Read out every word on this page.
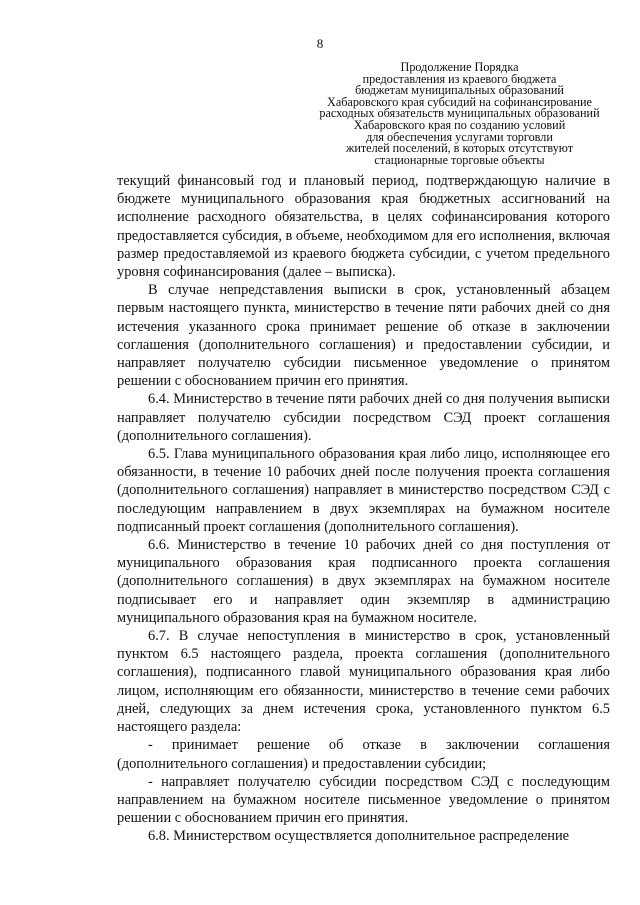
8
Продолжение Порядка
предоставления из краевого бюджета
бюджетам муниципальных образований
Хабаровского края субсидий на софинансирование
расходных обязательств муниципальных образований
Хабаровского края по созданию условий
для обеспечения услугами торговли
жителей поселений, в которых отсутствуют
стационарные торговые объекты

текущий финансовый год и плановый период, подтверждающую наличие в бюджете муниципального образования края бюджетных ассигнований на исполнение расходного обязательства, в целях софинансирования которого предоставляется субсидия, в объеме, необходимом для его исполнения, включая размер предоставляемой из краевого бюджета субсидии, с учетом предельного уровня софинансирования (далее – выписка).

В случае непредставления выписки в срок, установленный абзацем первым настоящего пункта, министерство в течение пяти рабочих дней со дня истечения указанного срока принимает решение об отказе в заключении соглашения (дополнительного соглашения) и предоставлении субсидии, и направляет получателю субсидии письменное уведомление о принятом решении с обоснованием причин его принятия.

6.4. Министерство в течение пяти рабочих дней со дня получения выписки направляет получателю субсидии посредством СЭД проект соглашения (дополнительного соглашения).

6.5. Глава муниципального образования края либо лицо, исполняющее его обязанности, в течение 10 рабочих дней после получения проекта соглашения (дополнительного соглашения) направляет в министерство посредством СЭД с последующим направлением в двух экземплярах на бумажном носителе подписанный проект соглашения (дополнительного соглашения).

6.6. Министерство в течение 10 рабочих дней со дня поступления от муниципального образования края подписанного проекта соглашения (дополнительного соглашения) в двух экземплярах на бумажном носителе подписывает его и направляет один экземпляр в администрацию муниципального образования края на бумажном носителе.

6.7. В случае непоступления в министерство в срок, установленный пунктом 6.5 настоящего раздела, проекта соглашения (дополнительного соглашения), подписанного главой муниципального образования края либо лицом, исполняющим его обязанности, министерство в течение семи рабочих дней, следующих за днем истечения срока, установленного пунктом 6.5 настоящего раздела:

- принимает решение об отказе в заключении соглашения (дополнительного соглашения) и предоставлении субсидии;

- направляет получателю субсидии посредством СЭД с последующим направлением на бумажном носителе письменное уведомление о принятом решении с обоснованием причин его принятия.

6.8. Министерством осуществляется дополнительное распределение
